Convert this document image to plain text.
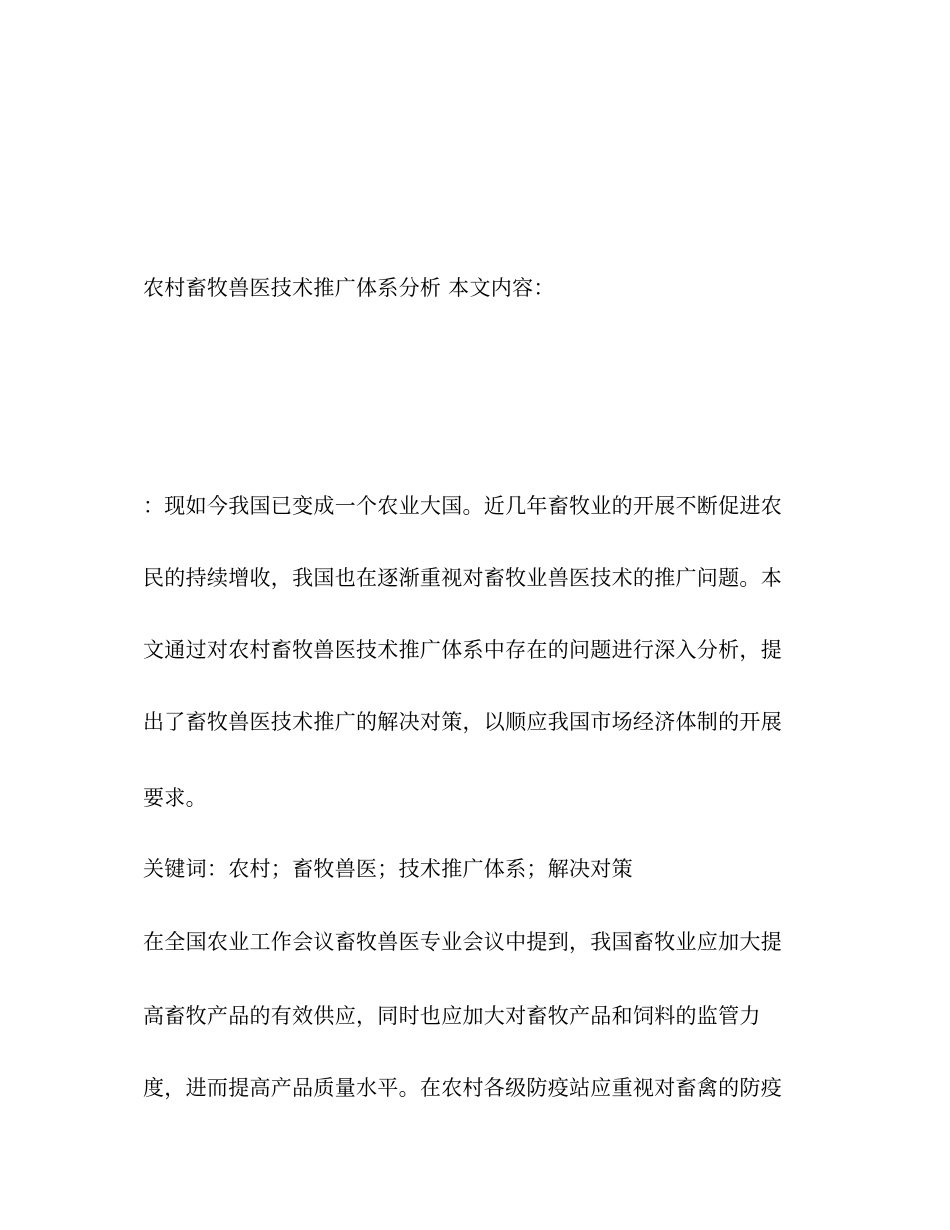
农村畜牧兽医技术推广体系分析 本文内容：
：现如今我国已变成一个农业大国。近几年畜牧业的开展不断促进农
民的持续增收，我国也在逐渐重视对畜牧业兽医技术的推广问题。本
文通过对农村畜牧兽医技术推广体系中存在的问题进行深入分析，提
出了畜牧兽医技术推广的解决对策，以顺应我国市场经济体制的开展
要求。
关键词：农村；畜牧兽医；技术推广体系；解决对策
在全国农业工作会议畜牧兽医专业会议中提到，我国畜牧业应加大提
高畜牧产品的有效供应，同时也应加大对畜牧产品和饲料的监管力
度，进而提高产品质量水平。在农村各级防疫站应重视对畜禽的防疫
